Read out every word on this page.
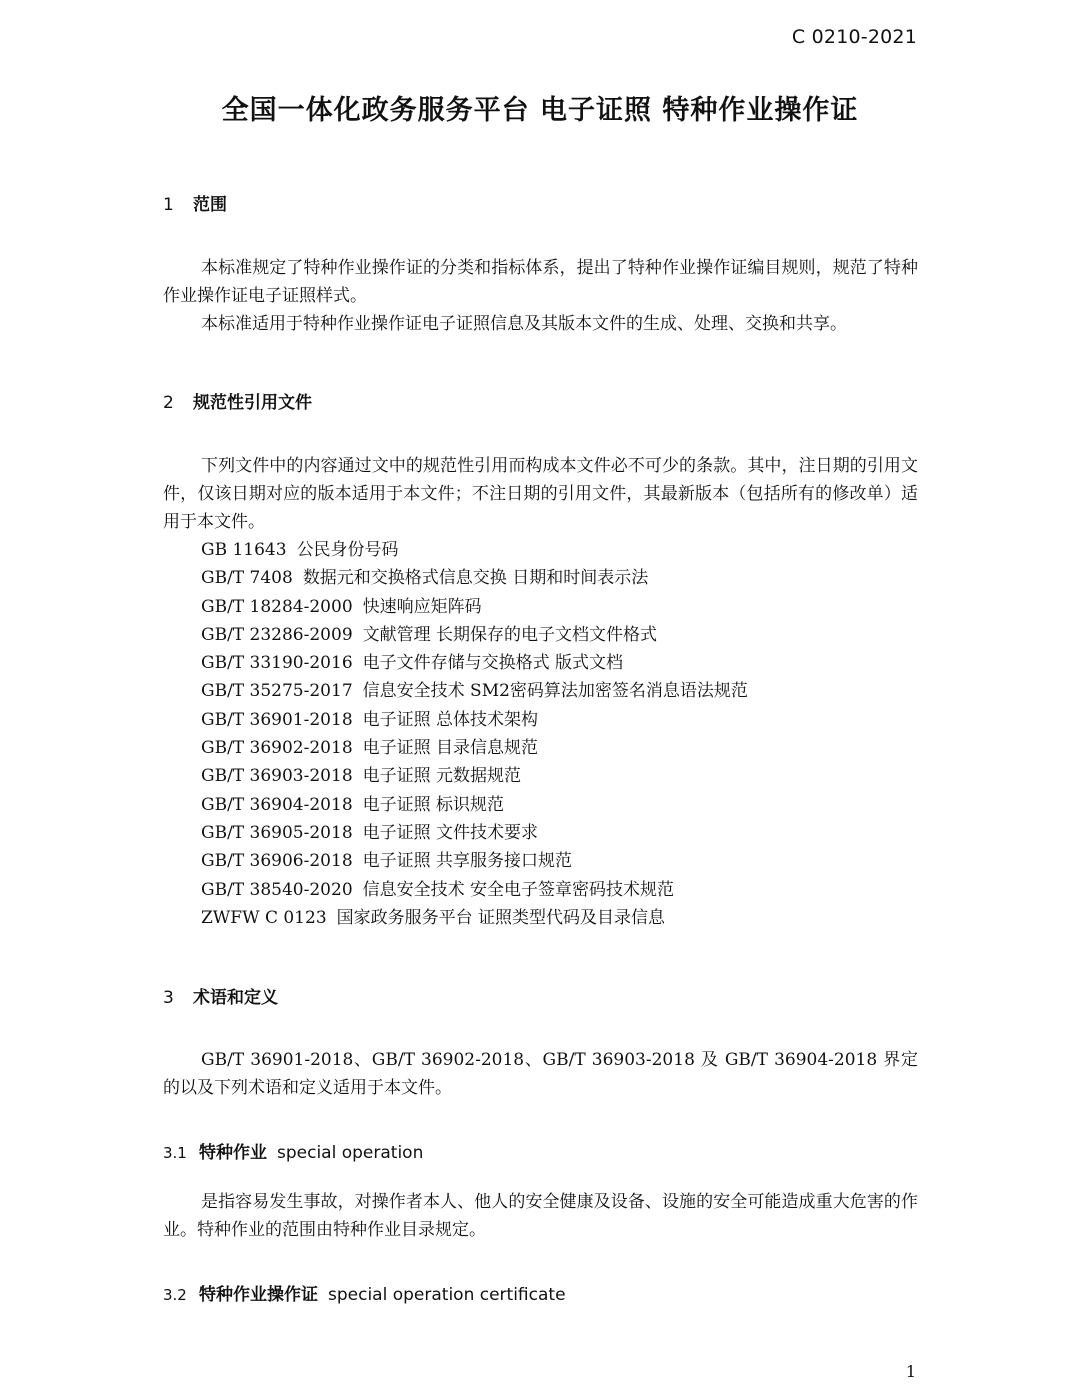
C 0210-2021
全国一体化政务服务平台 电子证照 特种作业操作证
1 范围
本标准规定了特种作业操作证的分类和指标体系，提出了特种作业操作证编目规则，规范了特种作业操作证电子证照样式。
本标准适用于特种作业操作证电子证照信息及其版本文件的生成、处理、交换和共享。
2 规范性引用文件
下列文件中的内容通过文中的规范性引用而构成本文件必不可少的条款。其中，注日期的引用文件，仅该日期对应的版本适用于本文件；不注日期的引用文件，其最新版本（包括所有的修改单）适用于本文件。
GB 11643 公民身份号码
GB/T 7408 数据元和交换格式信息交换 日期和时间表示法
GB/T 18284-2000 快速响应矩阵码
GB/T 23286-2009 文献管理 长期保存的电子文档文件格式
GB/T 33190-2016 电子文件存储与交换格式 版式文档
GB/T 35275-2017 信息安全技术 SM2密码算法加密签名消息语法规范
GB/T 36901-2018 电子证照 总体技术架构
GB/T 36902-2018 电子证照 目录信息规范
GB/T 36903-2018 电子证照 元数据规范
GB/T 36904-2018 电子证照 标识规范
GB/T 36905-2018 电子证照 文件技术要求
GB/T 36906-2018 电子证照 共享服务接口规范
GB/T 38540-2020 信息安全技术 安全电子签章密码技术规范
ZWFW C 0123 国家政务服务平台 证照类型代码及目录信息
3 术语和定义
GB/T 36901-2018、GB/T 36902-2018、GB/T 36903-2018 及 GB/T 36904-2018 界定的以及下列术语和定义适用于本文件。
3.1 特种作业 special operation
是指容易发生事故，对操作者本人、他人的安全健康及设备、设施的安全可能造成重大危害的作业。特种作业的范围由特种作业目录规定。
3.2 特种作业操作证 special operation certificate
1
